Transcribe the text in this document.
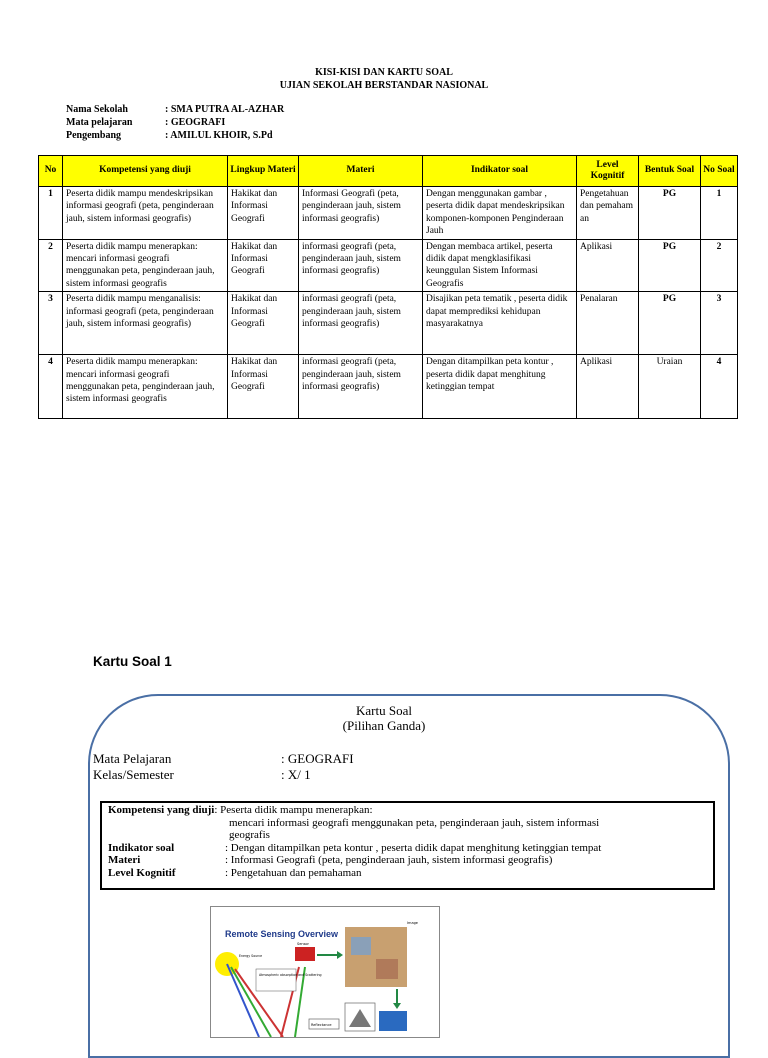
KISI-KISI DAN KARTU SOAL
UJIAN SEKOLAH BERSTANDAR NASIONAL
Nama Sekolah	: SMA PUTRA AL-AZHAR
Mata pelajaran	: GEOGRAFI
Pengembang	: AMILUL KHOIR, S.Pd
No	Kompetensi yang diuji	Lingkup Materi	Materi	Indikator soal	Level Kognitif	Bentuk Soal	No Soal
1	Peserta didik mampu mendeskripsikan informasi geografi (peta, penginderaan jauh, sistem informasi geografis)	Hakikat dan Informasi Geografi	Informasi Geografi (peta, penginderaan jauh, sistem informasi geografis)	Dengan menggunakan gambar , peserta didik dapat mendeskripsikan komponen-komponen Penginderaan Jauh	Pengetahuan dan pemahaman	PG	1
2	Peserta didik mampu menerapkan: mencari informasi geografi menggunakan peta, penginderaan jauh, sistem informasi geografis	Hakikat dan Informasi Geografi	informasi geografi (peta, penginderaan jauh, sistem informasi geografis)	Dengan membaca artikel, peserta didik dapat mengklasifikasi keunggulan Sistem Informasi Geografis	Aplikasi	PG	2
3	Peserta didik mampu menganalisis: informasi geografi (peta, penginderaan jauh, sistem informasi geografis)	Hakikat dan Informasi Geografi	informasi geografi (peta, penginderaan jauh, sistem informasi geografis)	Disajikan peta tematik , peserta didik dapat memprediksi kehidupan masyarakatnya	Penalaran	PG	3
4	Peserta didik mampu menerapkan: mencari informasi geografi menggunakan peta, penginderaan jauh, sistem informasi geografis	Hakikat dan Informasi Geografi	informasi geografi (peta, penginderaan jauh, sistem informasi geografis)	Dengan ditampilkan peta kontur , peserta didik dapat menghitung ketinggian tempat	Aplikasi	Uraian	4
Kartu Soal 1
Kartu Soal
(Pilihan Ganda)
Mata Pelajaran	: GEOGRAFI
Kelas/Semester	: X/ 1
Kompetensi yang diuji: Peserta didik mampu menerapkan:
mencari informasi geografi menggunakan peta, penginderaan jauh, sistem informasi
geografis
Indikator soal	: Dengan ditampilkan peta kontur , peserta didik dapat menghitung ketinggian tempat
Materi	: Informasi Geografi (peta, penginderaan jauh, sistem informasi geografis)
Level Kognitif	: Pengetahuan dan pemahaman
Remote Sensing Overview
Atmospheric absorption and Scattering
Energy Source
Sensor
Image
Reflectance
